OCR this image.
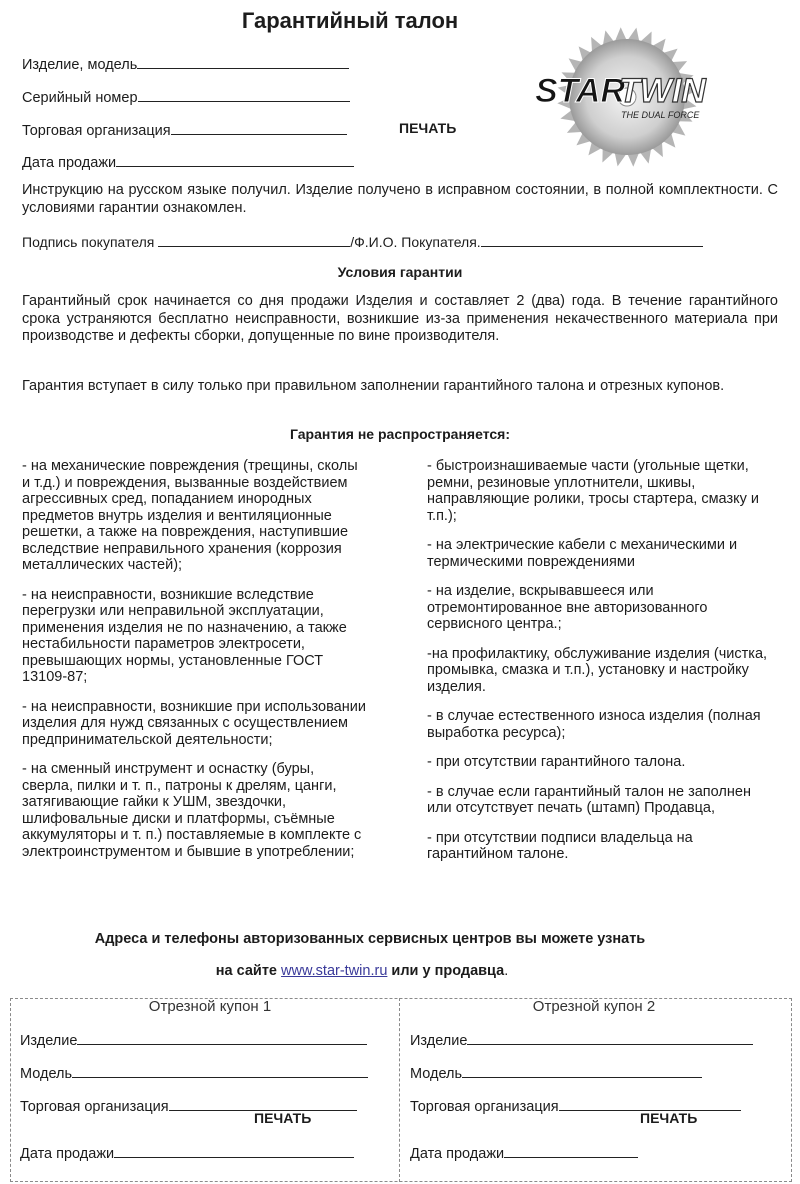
Гарантийный талон
STAR
TWIN
THE DUAL FORCE
Изделие, модель
Серийный номер
Торговая организация	ПЕЧАТЬ
Дата продажи
Инструкцию на русском языке получил. Изделие получено в исправном состоянии, в полной комплектности. С условиями гарантии ознакомлен.
Подпись покупателя	/Ф.И.О. Покупателя.
Условия гарантии
Гарантийный срок начинается со дня продажи Изделия и составляет 2 (два) года. В течение гарантийного срока устраняются бесплатно неисправности, возникшие из-за применения некачественного материала при производстве и дефекты сборки, допущенные по вине производителя.
Гарантия вступает в силу только при правильном заполнении гарантийного талона и отрезных купонов.
Гарантия не распространяется:

- на механические повреждения (трещины, сколы и т.д.) и повреждения, вызванные воздействием агрессивных сред, попаданием инородных предметов внутрь изделия и вентиляционные решетки, а также на повреждения, наступившие вследствие неправильного хранения (коррозия металлических частей);

- на неисправности, возникшие вследствие перегрузки или неправильной эксплуатации, применения изделия не по назначению, а также нестабильности параметров электросети, превышающих нормы, установленные ГОСТ 13109-87;

- на неисправности, возникшие при использовании изделия для нужд связанных с осуществлением предпринимательской деятельности;

- на сменный инструмент и оснастку (буры, сверла, пилки и т. п., патроны к дрелям, цанги, затягивающие гайки к УШМ, звездочки, шлифовальные диски и платформы, съёмные аккумуляторы и т. п.) поставляемые в комплекте с электроинструментом и бывшие в употреблении;

- быстроизнашиваемые части (угольные щетки, ремни, резиновые уплотнители, шкивы, направляющие ролики, тросы стартера, смазку и т.п.);

- на электрические кабели с механическими и термическими повреждениями

- на изделие, вскрывавшееся или отремонтированное вне авторизованного сервисного центра.;

-на профилактику, обслуживание изделия (чистка, промывка, смазка и т.п.), установку и настройку изделия.

- в случае естественного износа изделия (полная выработка ресурса);

- при отсутствии гарантийного талона.

- в случае если гарантийный талон не заполнен или отсутствует печать (штамп) Продавца,

- при отсутствии подписи владельца на гарантийном талоне.

Адреса и телефоны авторизованных сервисных центров вы можете узнать
на сайте www.star-twin.ru или у продавца.
Отрезной купон 1
Изделие
Модель
Торговая организация
ПЕЧАТЬ
Дата продажи
Отрезной купон 2
Изделие
Модель
Торговая организация
ПЕЧАТЬ
Дата продажи
